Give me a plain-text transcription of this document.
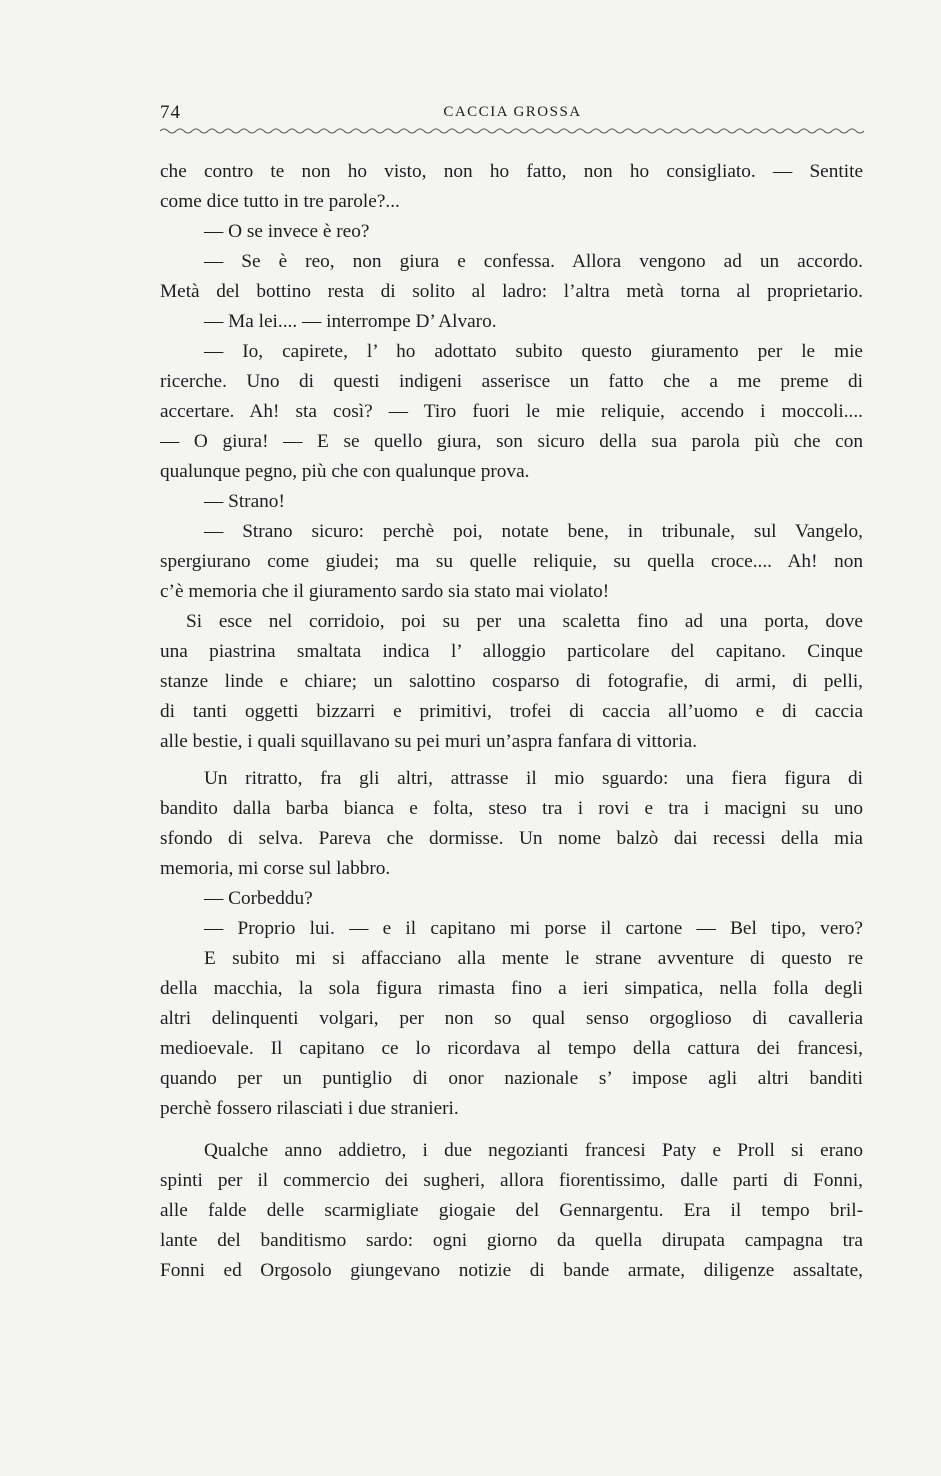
74	CACCIA GROSSA
che contro te non ho visto, non ho fatto, non ho consigliato. — Sentite
come dice tutto in tre parole?...
— O se invece è reo?
— Se è reo, non giura e confessa. Allora vengono ad un accordo.
Metà del bottino resta di solito al ladro: l’altra metà torna al proprietario.
— Ma lei.... — interrompe D’ Alvaro.
— Io, capirete, l’ ho adottato subito questo giuramento per le mie
ricerche. Uno di questi indigeni asserisce un fatto che a me preme di
accertare. Ah! sta così? — Tiro fuori le mie reliquie, accendo i moccoli....
— O giura! — E se quello giura, son sicuro della sua parola più che con
qualunque pegno, più che con qualunque prova.
— Strano!
— Strano sicuro: perchè poi, notate bene, in tribunale, sul Vangelo,
spergiurano come giudei; ma su quelle reliquie, su quella croce.... Ah! non
c’è memoria che il giuramento sardo sia stato mai violato!
Si esce nel corridoio, poi su per una scaletta fino ad una porta, dove
una piastrina smaltata indica l’ alloggio particolare del capitano. Cinque
stanze linde e chiare; un salottino cosparso di fotografie, di armi, di pelli,
di tanti oggetti bizzarri e primitivi, trofei di caccia all’uomo e di caccia
alle bestie, i quali squillavano su pei muri un’aspra fanfara di vittoria.
Un ritratto, fra gli altri, attrasse il mio sguardo: una fiera figura di
bandito dalla barba bianca e folta, steso tra i rovi e tra i macigni su uno
sfondo di selva. Pareva che dormisse. Un nome balzò dai recessi della mia
memoria, mi corse sul labbro.
— Corbeddu?
— Proprio lui. — e il capitano mi porse il cartone — Bel tipo, vero?
E subito mi si affacciano alla mente le strane avventure di questo re
della macchia, la sola figura rimasta fino a ieri simpatica, nella folla degli
altri delinquenti volgari, per non so qual senso orgoglioso di cavalleria
medioevale. Il capitano ce lo ricordava al tempo della cattura dei francesi,
quando per un puntiglio di onor nazionale s’ impose agli altri banditi
perchè fossero rilasciati i due stranieri.
Qualche anno addietro, i due negozianti francesi Paty e Proll si erano
spinti per il commercio dei sugheri, allora fiorentissimo, dalle parti di Fonni,
alle falde delle scarmigliate giogaie del Gennargentu. Era il tempo bril-
lante del banditismo sardo: ogni giorno da quella dirupata campagna tra
Fonni ed Orgosolo giungevano notizie di bande armate, diligenze assaltate,
